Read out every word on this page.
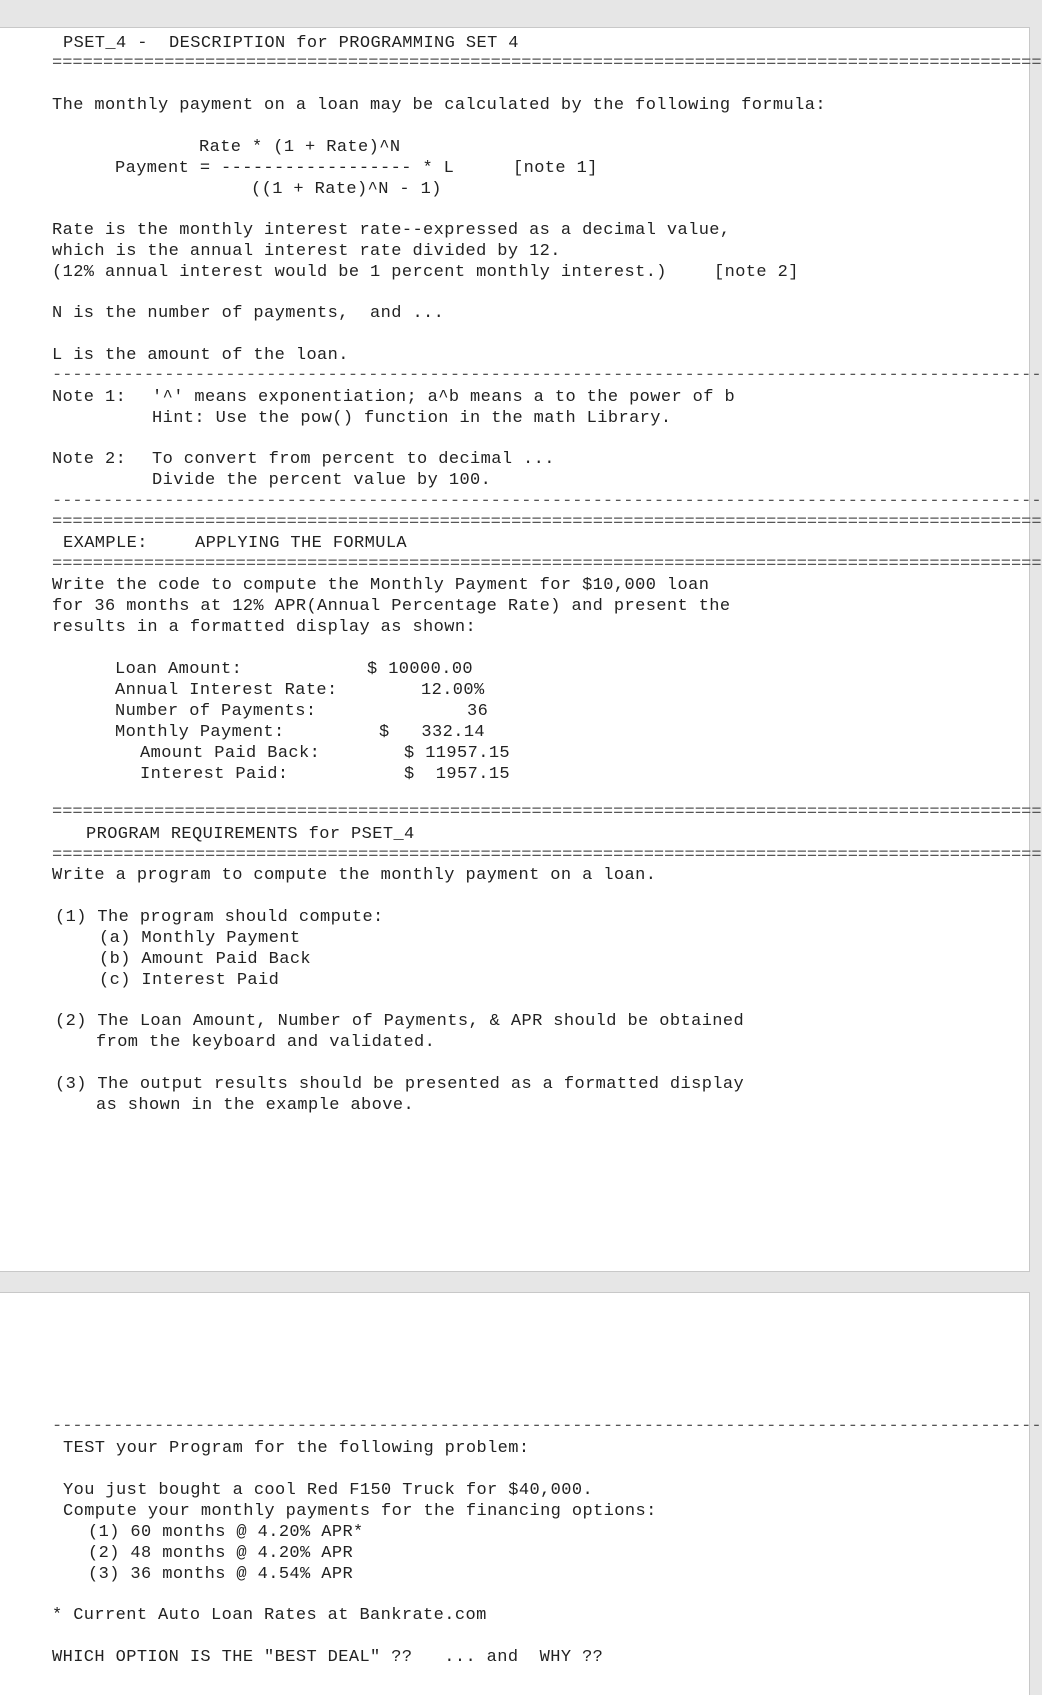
PSET_4 -  DESCRIPTION for PROGRAMMING SET 4
=================================================================================================
The monthly payment on a loan may be calculated by the following formula:
Rate * (1 + Rate)^N
Payment = ------------------ * L	[note 1]
((1 + Rate)^N - 1)
Rate is the monthly interest rate--expressed as a decimal value,
which is the annual interest rate divided by 12.
(12% annual interest would be 1 percent monthly interest.)	[note 2]
N is the number of payments,  and ...
L is the amount of the loan.
-------------------------------------------------------------------------------------------------
Note 1: '^' means exponentiation; a^b means a to the power of b
Hint: Use the pow() function in the math Library.
Note 2: To convert from percent to decimal ...
Divide the percent value by 100.
-------------------------------------------------------------------------------------------------
=================================================================================================
EXAMPLE:	APPLYING THE FORMULA
=================================================================================================
Write the code to compute the Monthly Payment for $10,000 loan
for 36 months at 12% APR(Annual Percentage Rate) and present the
results in a formatted display as shown:
Loan Amount:	$ 10000.00
Annual Interest Rate:	12.00%
Number of Payments:	36
Monthly Payment:	$   332.14
Amount Paid Back:	$ 11957.15
Interest Paid:	$  1957.15
=================================================================================================
PROGRAM REQUIREMENTS for PSET_4
=================================================================================================
Write a program to compute the monthly payment on a loan.
(1) The program should compute:
(a) Monthly Payment
(b) Amount Paid Back
(c) Interest Paid
(2) The Loan Amount, Number of Payments, & APR should be obtained
from the keyboard and validated.
(3) The output results should be presented as a formatted display
as shown in the example above.
-------------------------------------------------------------------------------------------------
TEST your Program for the following problem:
You just bought a cool Red F150 Truck for $40,000.
Compute your monthly payments for the financing options:
(1) 60 months @ 4.20% APR*
(2) 48 months @ 4.20% APR
(3) 36 months @ 4.54% APR
* Current Auto Loan Rates at Bankrate.com
WHICH OPTION IS THE "BEST DEAL" ??   ... and  WHY ??
